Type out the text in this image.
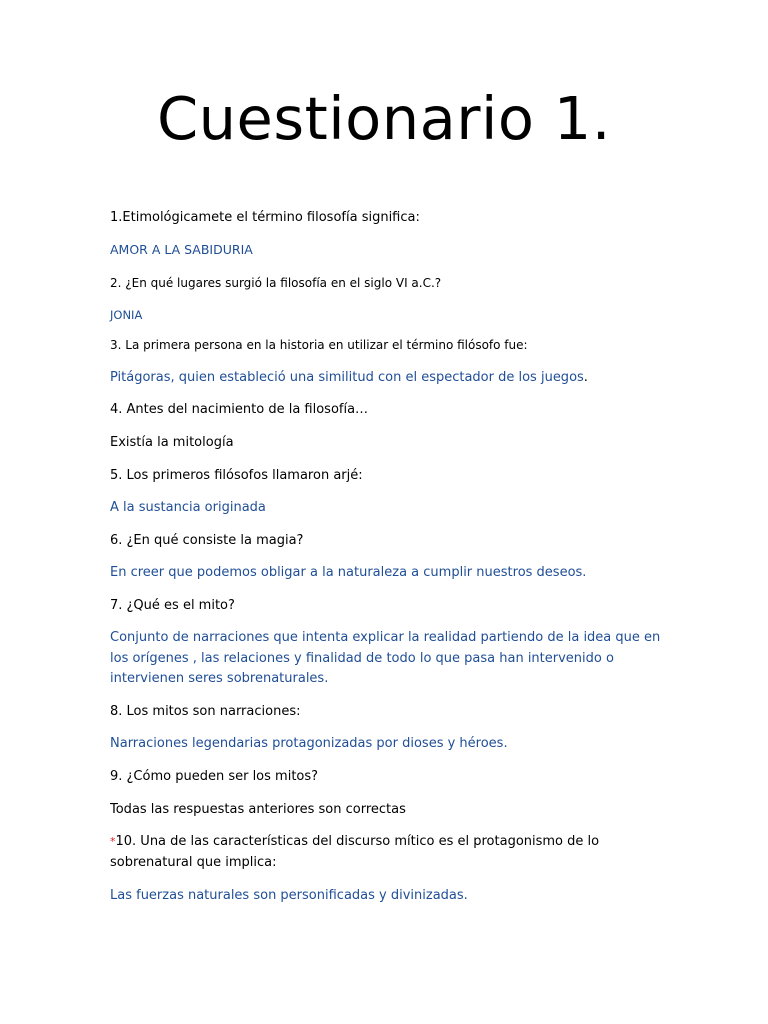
Cuestionario 1.

1.Etimológicamete el término filosofía significa:

AMOR A LA SABIDURIA

2. ¿En qué lugares surgió la filosofía en el siglo VI a.C.?

JONIA

3. La primera persona en la historia en utilizar el término filósofo fue:

Pitágoras, quien estableció una similitud con el espectador de los juegos.

4. Antes del nacimiento de la filosofía…

Existía la mitología

5. Los primeros filósofos llamaron arjé:

A la sustancia originada

6. ¿En qué consiste la magia?

En creer que podemos obligar a la naturaleza a cumplir nuestros deseos.

7. ¿Qué es el mito?

Conjunto de narraciones que intenta explicar la realidad partiendo de la idea que en

los orígenes , las relaciones y finalidad de todo lo que pasa han intervenido o

intervienen seres sobrenaturales.

8. Los mitos son narraciones:

Narraciones legendarias protagonizadas por dioses y héroes.

9. ¿Cómo pueden ser los mitos?

Todas las respuestas anteriores son correctas

*10. Una de las características del discurso mítico es el protagonismo de lo

sobrenatural que implica:

Las fuerzas naturales son personificadas y divinizadas.
